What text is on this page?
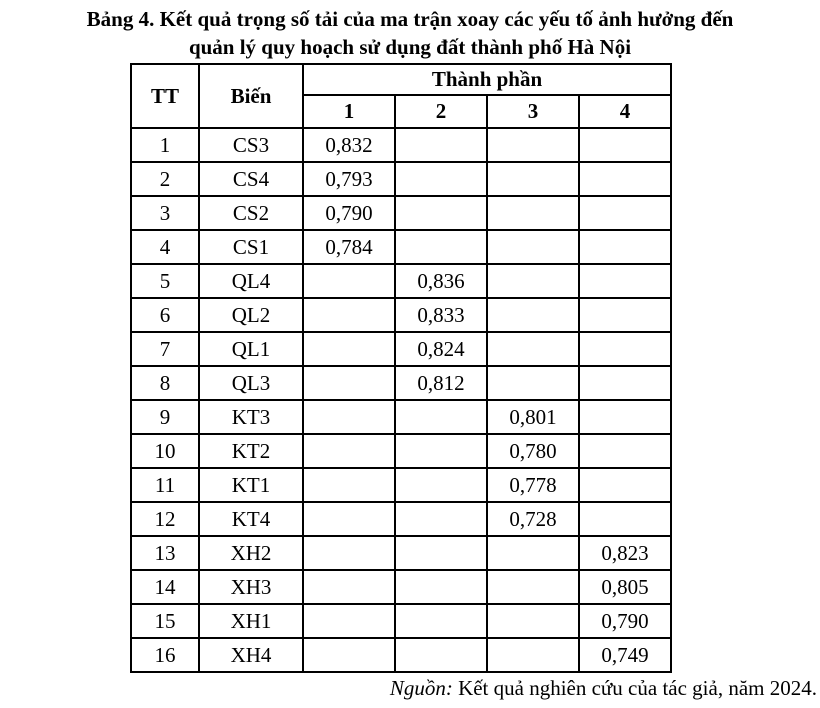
Bảng 4. Kết quả trọng số tải của ma trận xoay các yếu tố ảnh hưởng đến
quản lý quy hoạch sử dụng đất thành phố Hà Nội
TT	Biến	Thành phần			
		1	2	3	4
1	CS3	0,832			
2	CS4	0,793			
3	CS2	0,790			
4	CS1	0,784			
5	QL4		0,836		
6	QL2		0,833		
7	QL1		0,824		
8	QL3		0,812		
9	KT3			0,801	
10	KT2			0,780	
11	KT1			0,778	
12	KT4			0,728	
13	XH2				0,823
14	XH3				0,805
15	XH1				0,790
16	XH4				0,749
Nguồn: Kết quả nghiên cứu của tác giả, năm 2024.
